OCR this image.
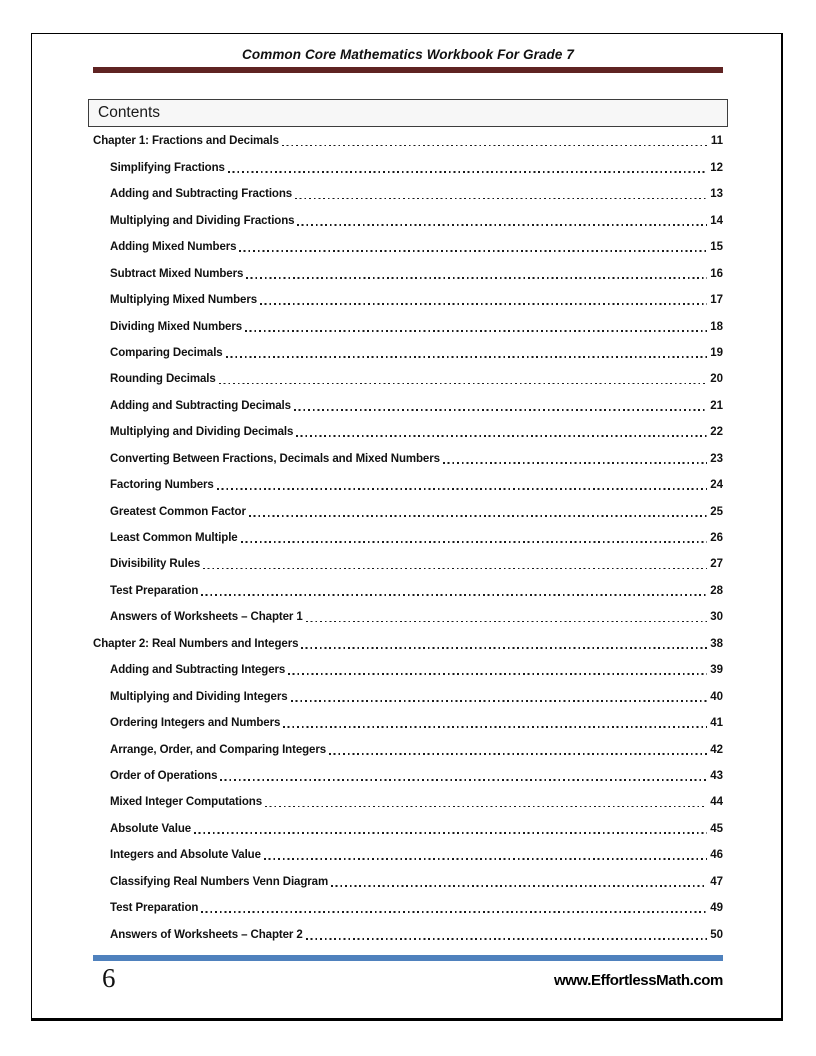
Common Core Mathematics Workbook For Grade 7
Contents
Chapter 1: Fractions and Decimals	11
Simplifying Fractions	12
Adding and Subtracting Fractions	13
Multiplying and Dividing Fractions	14
Adding Mixed Numbers	15
Subtract Mixed Numbers	16
Multiplying Mixed Numbers	17
Dividing Mixed Numbers	18
Comparing Decimals	19
Rounding Decimals	20
Adding and Subtracting Decimals	21
Multiplying and Dividing Decimals	22
Converting Between Fractions, Decimals and Mixed Numbers	23
Factoring Numbers	24
Greatest Common Factor	25
Least Common Multiple	26
Divisibility Rules	27
Test Preparation	28
Answers of Worksheets – Chapter 1	30
Chapter 2: Real Numbers and Integers	38
Adding and Subtracting Integers	39
Multiplying and Dividing Integers	40
Ordering Integers and Numbers	41
Arrange, Order, and Comparing Integers	42
Order of Operations	43
Mixed Integer Computations	44
Absolute Value	45
Integers and Absolute Value	46
Classifying Real Numbers Venn Diagram	47
Test Preparation	49
Answers of Worksheets – Chapter 2	50
6	www.EffortlessMath.com
